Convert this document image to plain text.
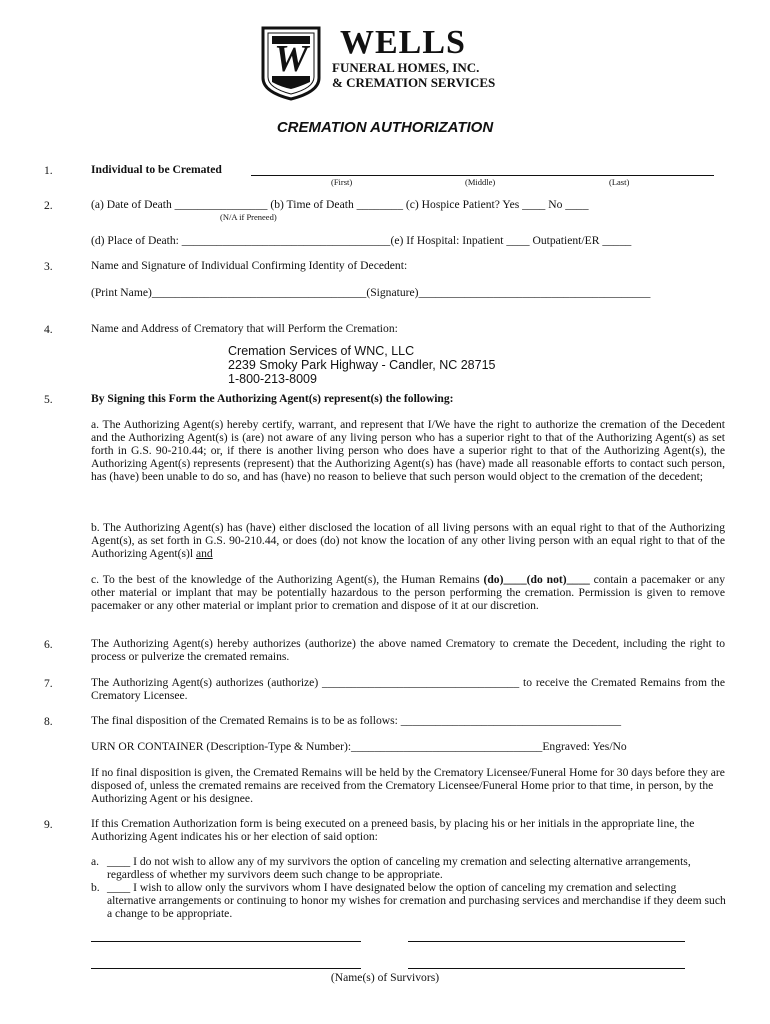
W WELLS
FUNERAL HOMES, INC.
& CREMATION SERVICES
CREMATION AUTHORIZATION
1.	Individual to be Cremated
(First)	(Middle)	(Last)
2.	(a) Date of Death ________________ (b) Time of Death ________ (c) Hospice Patient? Yes ____ No ____
(N/A if Preneed)
(d) Place of Death: ____________________________________(e) If Hospital: Inpatient ____ Outpatient/ER _____
3.	Name and Signature of Individual Confirming Identity of Decedent:
(Print Name)_____________________________________(Signature)________________________________________
4.	Name and Address of Crematory that will Perform the Cremation:
Cremation Services of WNC, LLC
2239 Smoky Park Highway - Candler, NC 28715
1-800-213-8009
5.	By Signing this Form the Authorizing Agent(s) represent(s) the following:
a. The Authorizing Agent(s) hereby certify, warrant, and represent that I/We have the right to authorize the cremation of the Decedent and the Authorizing Agent(s) is (are) not aware of any living person who has a superior right to that of the Authorizing Agent(s) as set forth in G.S. 90-210.44; or, if there is another living person who does have a superior right to that of the Authorizing Agent(s), the Authorizing Agent(s) represents (represent) that the Authorizing Agent(s) has (have) made all reasonable efforts to contact such person, has (have) been unable to do so, and has (have) no reason to believe that such person would object to the cremation of the decedent;
b. The Authorizing Agent(s) has (have) either disclosed the location of all living persons with an equal right to that of the Authorizing Agent(s), as set forth in G.S. 90-210.44, or does (do) not know the location of any other living person with an equal right to that of the Authorizing Agent(s)l and
c. To the best of the knowledge of the Authorizing Agent(s), the Human Remains (do)____(do not)____ contain a pacemaker or any other material or implant that may be potentially hazardous to the person performing the cremation. Permission is given to remove pacemaker or any other material or implant prior to cremation and dispose of it at our discretion.
6.	The Authorizing Agent(s) hereby authorizes (authorize) the above named Crematory to cremate the Decedent, including the right to process or pulverize the cremated remains.
7.	The Authorizing Agent(s) authorizes (authorize) __________________________________ to receive the Cremated Remains from the Crematory Licensee.
8.	The final disposition of the Cremated Remains is to be as follows: ______________________________________
URN OR CONTAINER (Description-Type & Number):_________________________________Engraved: Yes/No
If no final disposition is given, the Cremated Remains will be held by the Crematory Licensee/Funeral Home for 30 days before they are disposed of, unless the cremated remains are received from the Crematory Licensee/Funeral Home prior to that time, in person, by the Authorizing Agent or his designee.
9.	If this Cremation Authorization form is being executed on a preneed basis, by placing his or her initials in the appropriate line, the Authorizing Agent indicates his or her election of said option:
a. ____ I do not wish to allow any of my survivors the option of canceling my cremation and selecting alternative arrangements, regardless of whether my survivors deem such change to be appropriate.
b. ____ I wish to allow only the survivors whom I have designated below the option of canceling my cremation and selecting alternative arrangements or continuing to honor my wishes for cremation and purchasing services and merchandise if they deem such a change to be appropriate.
(Name(s) of Survivors)
